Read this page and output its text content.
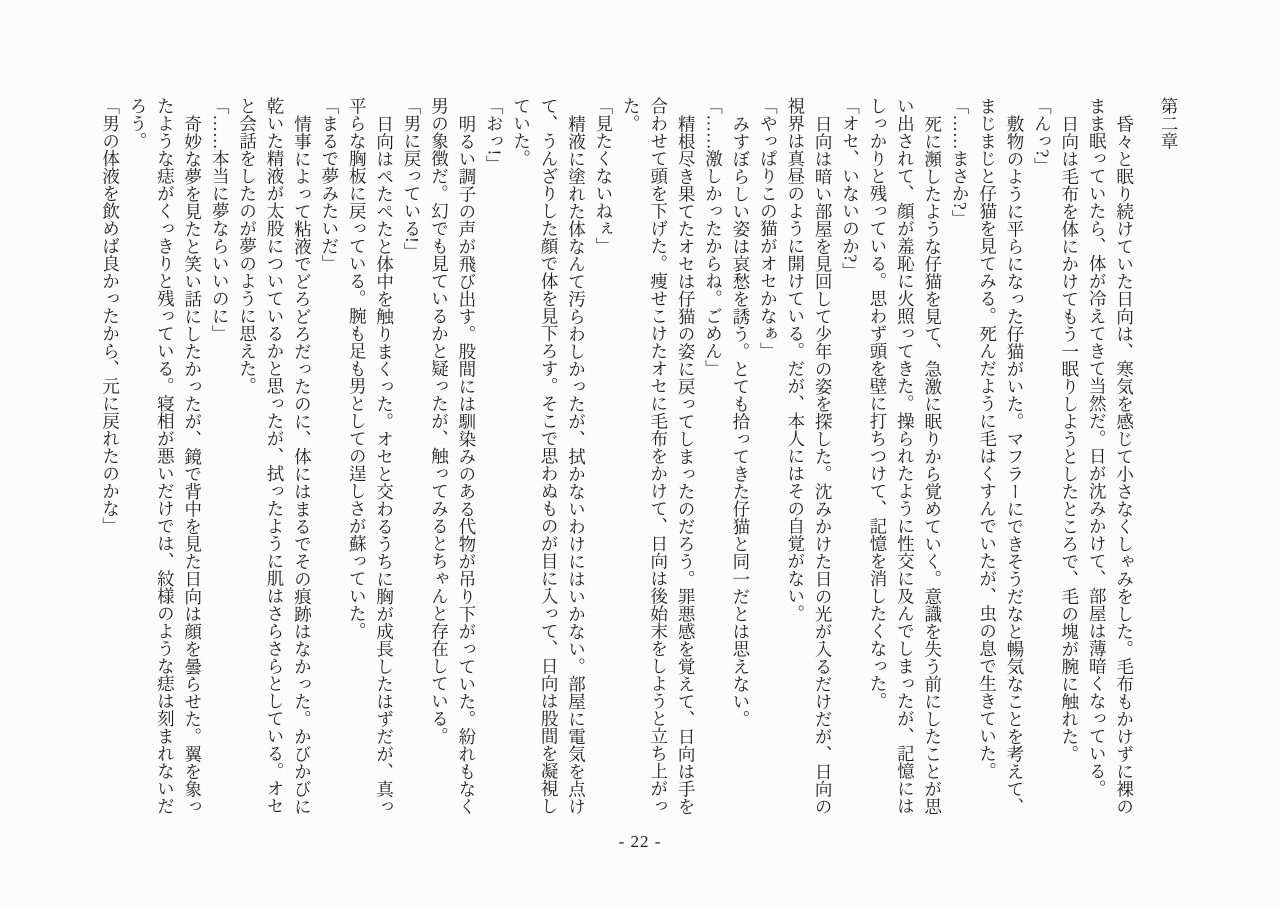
第二章

昏々と眠り続けていた日向は、寒気を感じて小さなくしゃみをした。毛布もかけずに裸のまま眠っていたら、体が冷えてきて当然だ。日が沈みかけて、部屋は薄暗くなっている。

日向は毛布を体にかけてもう一眠りしようとしたところで、毛の塊が腕に触れた。

「んっ?」

敷物のように平らになった仔猫がいた。マフラーにできそうだなと暢気なことを考えて、まじまじと仔猫を見てみる。死んだように毛はくすんでいたが、虫の息で生きていた。

「……まさか?」

死に瀕したような仔猫を見て、急激に眠りから覚めていく。意識を失う前にしたことが思い出されて、顔が羞恥に火照ってきた。操られたように性交に及んでしまったが、記憶にはしっかりと残っている。思わず頭を壁に打ちつけて、記憶を消したくなった。

「オセ、いないのか?」

日向は暗い部屋を見回して少年の姿を探した。沈みかけた日の光が入るだけだが、日向の視界は真昼のように開けている。だが、本人にはその自覚がない。

「やっぱりこの猫がオセかなぁ」

みすぼらしい姿は哀愁を誘う。とても拾ってきた仔猫と同一だとは思えない。

「……激しかったからね。ごめん」

精根尽き果てたオセは仔猫の姿に戻ってしまったのだろう。罪悪感を覚えて、日向は手を合わせて頭を下げた。痩せこけたオセに毛布をかけて、日向は後始末をしようと立ち上がった。

「見たくないねぇ」

精液に塗れた体なんて汚らわしかったが、拭かないわけにはいかない。部屋に電気を点けて、うんざりした顔で体を見下ろす。そこで思わぬものが目に入って、日向は股間を凝視していた。

「おっ!」

明るい調子の声が飛び出す。股間には馴染みのある代物が吊り下がっていた。紛れもなく男の象徴だ。幻でも見ているかと疑ったが、触ってみるとちゃんと存在している。

「男に戻っている!」

日向はぺたぺたと体中を触りまくった。オセと交わるうちに胸が成長したはずだが、真っ平らな胸板に戻っている。腕も足も男としての逞しさが蘇っていた。

「まるで夢みたいだ」

情事によって粘液でどろどろだったのに、体にはまるでその痕跡はなかった。かびかびに乾いた精液が太股についているかと思ったが、拭ったように肌はさらさらとしている。オセと会話をしたのが夢のように思えた。

「……本当に夢ならいいのに」

奇妙な夢を見たと笑い話にしたかったが、鏡で背中を見た日向は顔を曇らせた。翼を象ったような痣がくっきりと残っている。寝相が悪いだけでは、紋様のような痣は刻まれないだろう。

「男の体液を飲めば良かったから、元に戻れたのかな」

- 22 -
